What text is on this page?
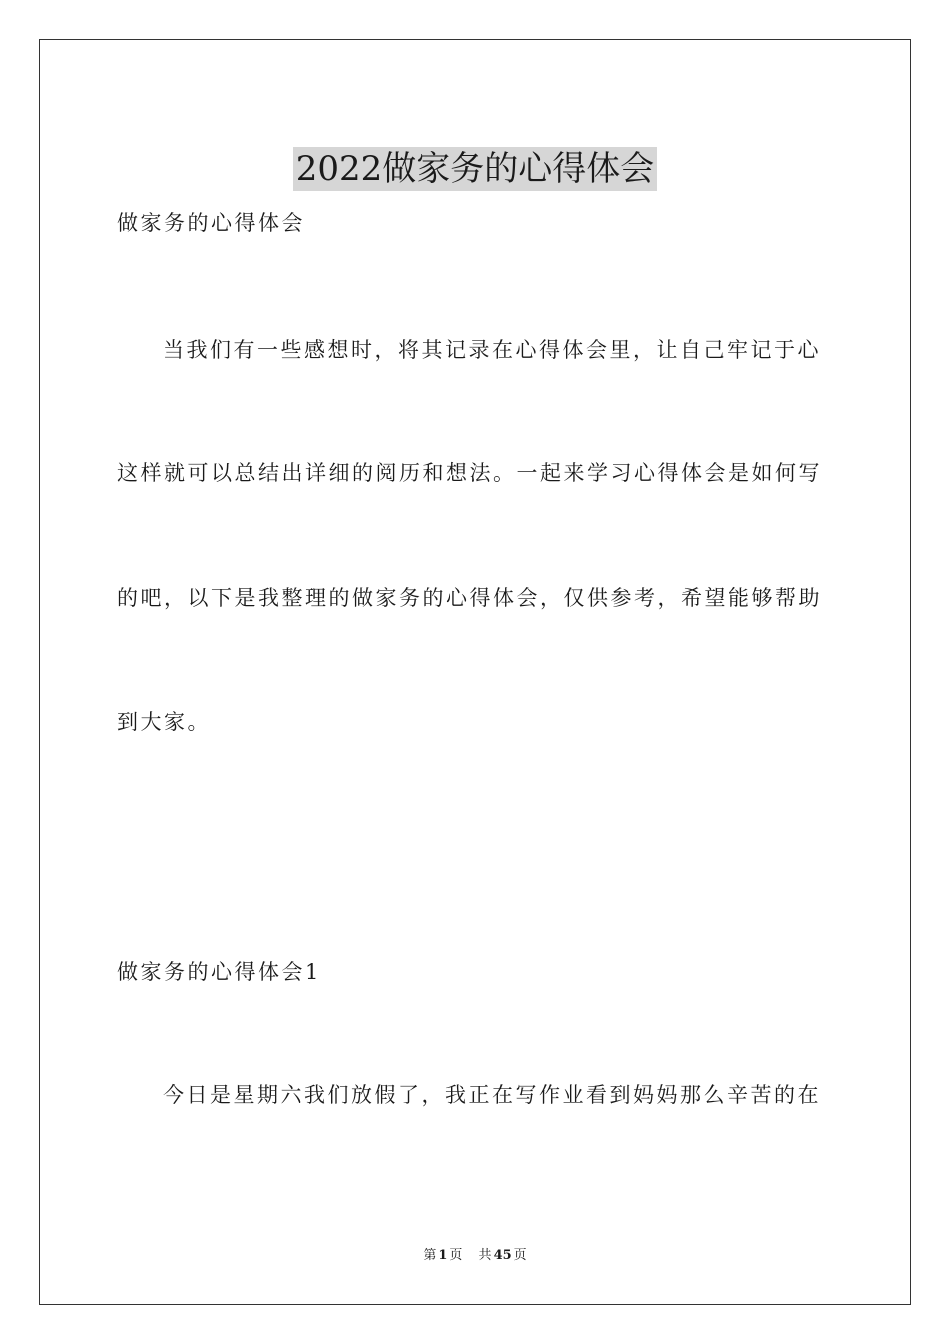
2022做家务的心得体会
做家务的心得体会
当我们有一些感想时，将其记录在心得体会里，让自己牢记于心
这样就可以总结出详细的阅历和想法。一起来学习心得体会是如何写
的吧，以下是我整理的做家务的心得体会，仅供参考，希望能够帮助
到大家。
做家务的心得体会1
今日是星期六我们放假了，我正在写作业看到妈妈那么辛苦的在
第 1 页 共 45 页
